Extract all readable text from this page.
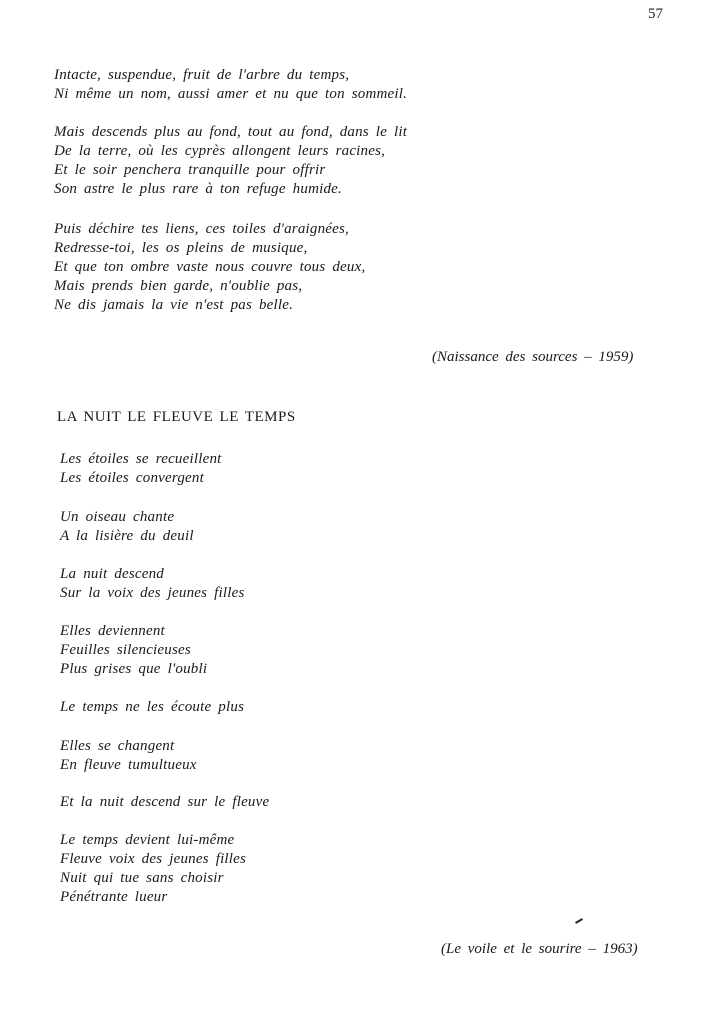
57
Intacte, suspendue, fruit de l'arbre du temps,
Ni même un nom, aussi amer et nu que ton sommeil.
Mais descends plus au fond, tout au fond, dans le lit
De la terre, où les cyprès allongent leurs racines,
Et le soir penchera tranquille pour offrir
Son astre le plus rare à ton refuge humide.
Puis déchire tes liens, ces toiles d'araignées,
Redresse-toi, les os pleins de musique,
Et que ton ombre vaste nous couvre tous deux,
Mais prends bien garde, n'oublie pas,
Ne dis jamais la vie n'est pas belle.
(Naissance des sources – 1959)
LA NUIT LE FLEUVE LE TEMPS
Les étoiles se recueillent
Les étoiles convergent
Un oiseau chante
A la lisière du deuil
La nuit descend
Sur la voix des jeunes filles
Elles deviennent
Feuilles silencieuses
Plus grises que l'oubli
Le temps ne les écoute plus
Elles se changent
En fleuve tumultueux
Et la nuit descend sur le fleuve
Le temps devient lui-même
Fleuve voix des jeunes filles
Nuit qui tue sans choisir
Pénétrante lueur
(Le voile et le sourire – 1963)
